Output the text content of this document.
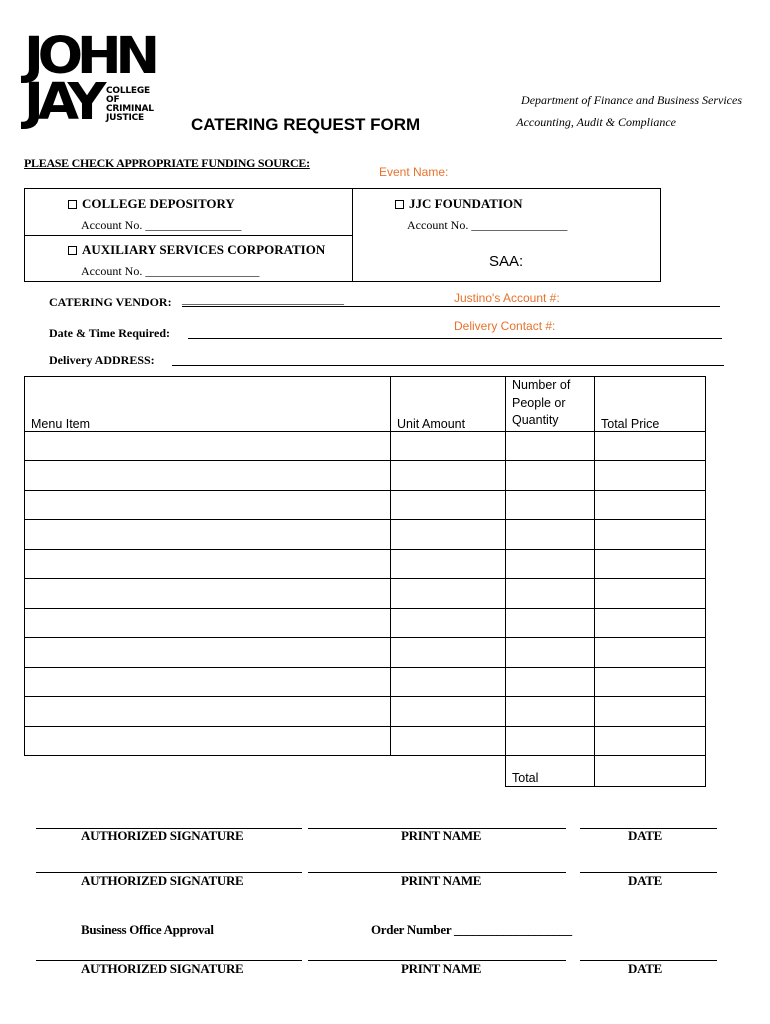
JOHN
JAY COLLEGE
OF
CRIMINAL
JUSTICE
Department of Finance and Business Services
Accounting, Audit & Compliance
CATERING REQUEST FORM
PLEASE CHECK APPROPRIATE FUNDING SOURCE:
Event Name:
COLLEGE DEPOSITORY
Account No. ________________
JJC FOUNDATION
Account No. ________________
AUXILIARY SERVICES CORPORATION
Account No. ___________________
SAA:
CATERING VENDOR: ___________________________	Justino's Account #:
Date & Time Required:	Delivery Contact #:
Delivery ADDRESS:
Menu Item	Unit Amount	Number of People or Quantity	Total Price

		Total	
AUTHORIZED SIGNATURE	PRINT NAME	DATE
AUTHORIZED SIGNATURE	PRINT NAME	DATE
Business Office Approval	Order Number ___________________
AUTHORIZED SIGNATURE	PRINT NAME	DATE
